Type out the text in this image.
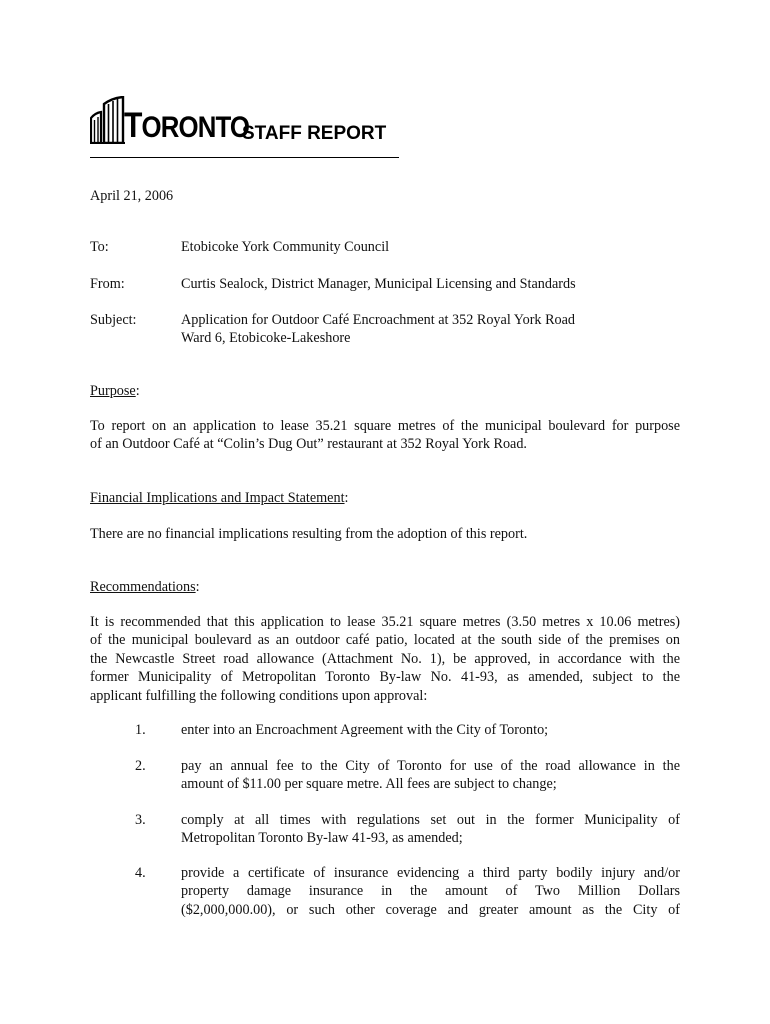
TORONTO
STAFF REPORT
April 21, 2006
To:	Etobicoke York Community Council
From:	Curtis Sealock, District Manager, Municipal Licensing and Standards
Subject:	Application for Outdoor Café Encroachment at 352 Royal York Road
Ward 6, Etobicoke-Lakeshore
Purpose:
To report on an application to lease 35.21 square metres of the municipal boulevard for purpose
of an Outdoor Café at “Colin’s Dug Out” restaurant at 352 Royal York Road.
Financial Implications and Impact Statement:
There are no financial implications resulting from the adoption of this report.
Recommendations:
It is recommended that this application to lease 35.21 square metres (3.50 metres x 10.06 metres)
of the municipal boulevard as an outdoor café patio, located at the south side of the premises on
the Newcastle Street road allowance (Attachment No. 1), be approved, in accordance with the
former Municipality of Metropolitan Toronto By-law No. 41-93, as amended, subject to the
applicant fulfilling the following conditions upon approval:
1. enter into an Encroachment Agreement with the City of Toronto;
2. pay an annual fee to the City of Toronto for use of the road allowance in the
amount of $11.00 per square metre. All fees are subject to change;
3. comply at all times with regulations set out in the former Municipality of
Metropolitan Toronto By-law 41-93, as amended;
4. provide a certificate of insurance evidencing a third party bodily injury and/or
property damage insurance in the amount of Two Million Dollars
($2,000,000.00), or such other coverage and greater amount as the City of
